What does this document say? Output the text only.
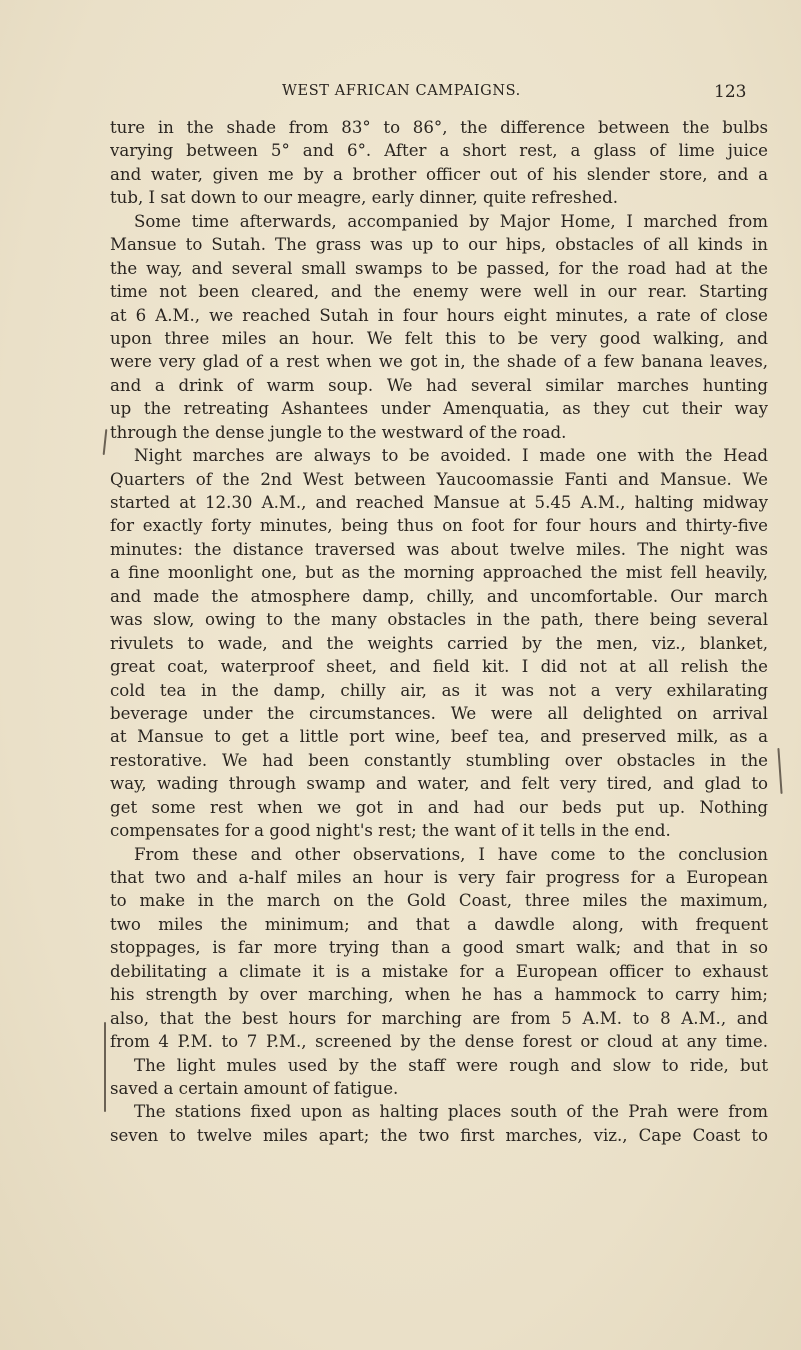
WEST AFRICAN CAMPAIGNS.	123
ture in the shade from 83° to 86°, the difference between the bulbs
varying between 5° and 6°. After a short rest, a glass of lime juice
and water, given me by a brother officer out of his slender store, and a
tub, I sat down to our meagre, early dinner, quite refreshed.
Some time afterwards, accompanied by Major Home, I marched from
Mansue to Sutah. The grass was up to our hips, obstacles of all kinds in
the way, and several small swamps to be passed, for the road had at the
time not been cleared, and the enemy were well in our rear. Starting
at 6 A.M., we reached Sutah in four hours eight minutes, a rate of close
upon three miles an hour. We felt this to be very good walking, and
were very glad of a rest when we got in, the shade of a few banana leaves,
and a drink of warm soup. We had several similar marches hunting
up the retreating Ashantees under Amenquatia, as they cut their way
through the dense jungle to the westward of the road.
Night marches are always to be avoided. I made one with the Head
Quarters of the 2nd West between Yaucoomassie Fanti and Mansue. We
started at 12.30 A.M., and reached Mansue at 5.45 A.M., halting midway
for exactly forty minutes, being thus on foot for four hours and thirty-five
minutes: the distance traversed was about twelve miles. The night was
a fine moonlight one, but as the morning approached the mist fell heavily,
and made the atmosphere damp, chilly, and uncomfortable. Our march
was slow, owing to the many obstacles in the path, there being several
rivulets to wade, and the weights carried by the men, viz., blanket,
great coat, waterproof sheet, and field kit. I did not at all relish the
cold tea in the damp, chilly air, as it was not a very exhilarating
beverage under the circumstances. We were all delighted on arrival
at Mansue to get a little port wine, beef tea, and preserved milk, as a
restorative. We had been constantly stumbling over obstacles in the
way, wading through swamp and water, and felt very tired, and glad to
get some rest when we got in and had our beds put up. Nothing
compensates for a good night's rest; the want of it tells in the end.
From these and other observations, I have come to the conclusion
that two and a-half miles an hour is very fair progress for a European
to make in the march on the Gold Coast, three miles the maximum,
two miles the minimum; and that a dawdle along, with frequent
stoppages, is far more trying than a good smart walk; and that in so
debilitating a climate it is a mistake for a European officer to exhaust
his strength by over marching, when he has a hammock to carry him;
also, that the best hours for marching are from 5 A.M. to 8 A.M., and
from 4 P.M. to 7 P.M., screened by the dense forest or cloud at any time.
The light mules used by the staff were rough and slow to ride, but
saved a certain amount of fatigue.
The stations fixed upon as halting places south of the Prah were from
seven to twelve miles apart; the two first marches, viz., Cape Coast to
